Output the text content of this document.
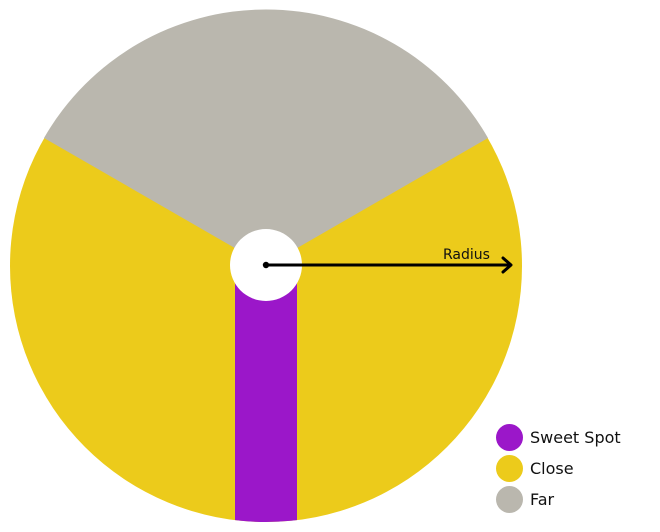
Radius
Sweet Spot
Close
Far
